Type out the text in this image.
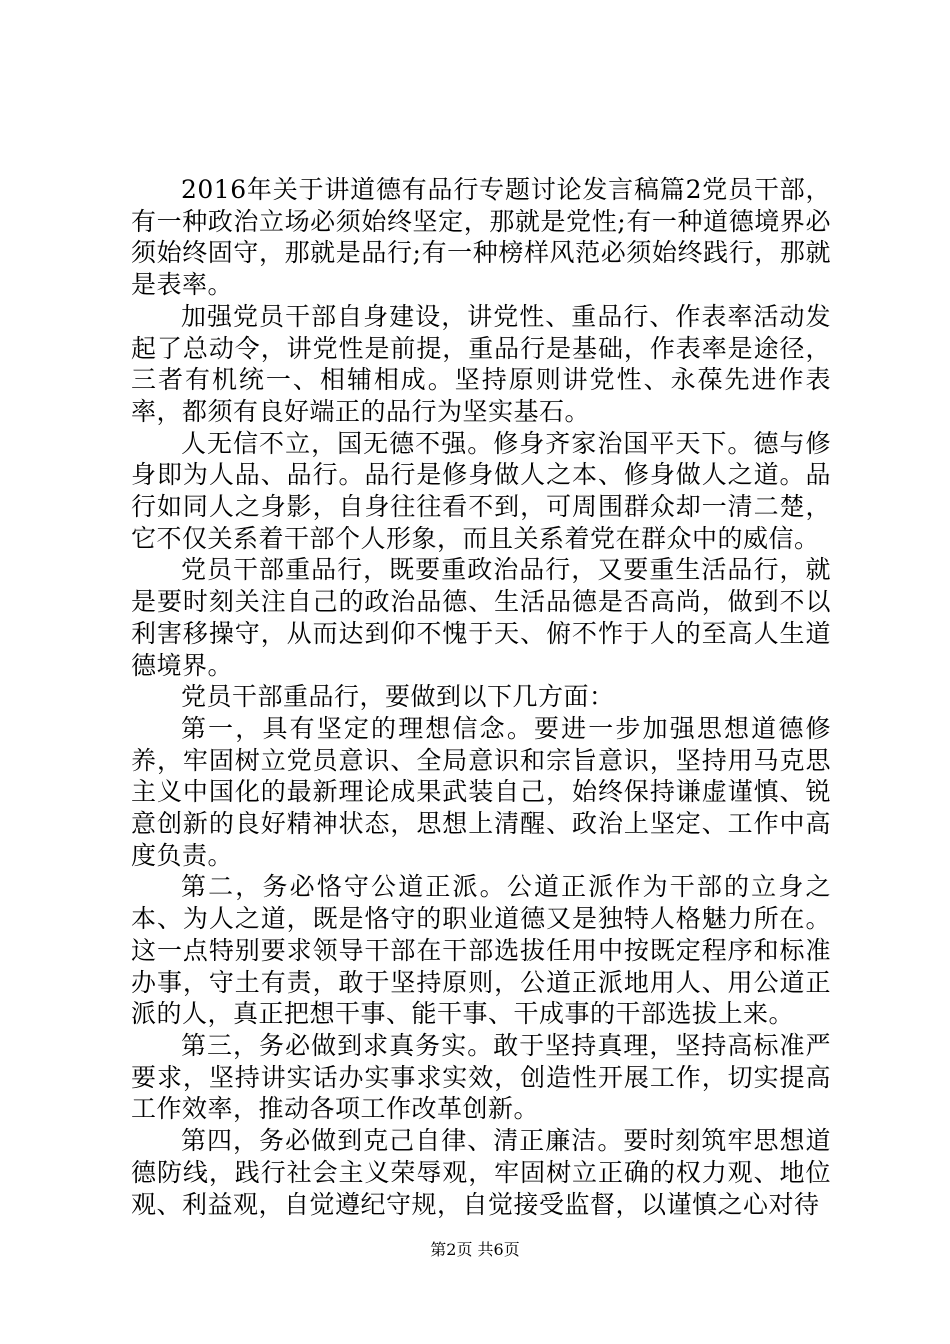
2016年关于讲道德有品行专题讨论发言稿篇2党员干部，有一种政治立场必须始终坚定，那就是党性;有一种道德境界必须始终固守，那就是品行;有一种榜样风范必须始终践行，那就是表率。

加强党员干部自身建设，讲党性、重品行、作表率活动发起了总动令，讲党性是前提，重品行是基础，作表率是途径，三者有机统一、相辅相成。坚持原则讲党性、永葆先进作表率，都须有良好端正的品行为坚实基石。

人无信不立，国无德不强。修身齐家治国平天下。德与修身即为人品、品行。品行是修身做人之本、修身做人之道。品行如同人之身影，自身往往看不到，可周围群众却一清二楚，它不仅关系着干部个人形象，而且关系着党在群众中的威信。

党员干部重品行，既要重政治品行，又要重生活品行，就是要时刻关注自己的政治品德、生活品德是否高尚，做到不以利害移操守，从而达到仰不愧于天、俯不怍于人的至高人生道德境界。

党员干部重品行，要做到以下几方面：

第一，具有坚定的理想信念。要进一步加强思想道德修养，牢固树立党员意识、全局意识和宗旨意识，坚持用马克思主义中国化的最新理论成果武装自己，始终保持谦虚谨慎、锐意创新的良好精神状态，思想上清醒、政治上坚定、工作中高度负责。

第二，务必恪守公道正派。公道正派作为干部的立身之本、为人之道，既是恪守的职业道德又是独特人格魅力所在。这一点特别要求领导干部在干部选拔任用中按既定程序和标准办事，守土有责，敢于坚持原则，公道正派地用人、用公道正派的人，真正把想干事、能干事、干成事的干部选拔上来。

第三，务必做到求真务实。敢于坚持真理，坚持高标准严要求，坚持讲实话办实事求实效，创造性开展工作，切实提高工作效率，推动各项工作改革创新。

第四，务必做到克己自律、清正廉洁。要时刻筑牢思想道德防线，践行社会主义荣辱观，牢固树立正确的权力观、地位观、利益观，自觉遵纪守规，自觉接受监督，以谨慎之心对待

第2页 共6页
